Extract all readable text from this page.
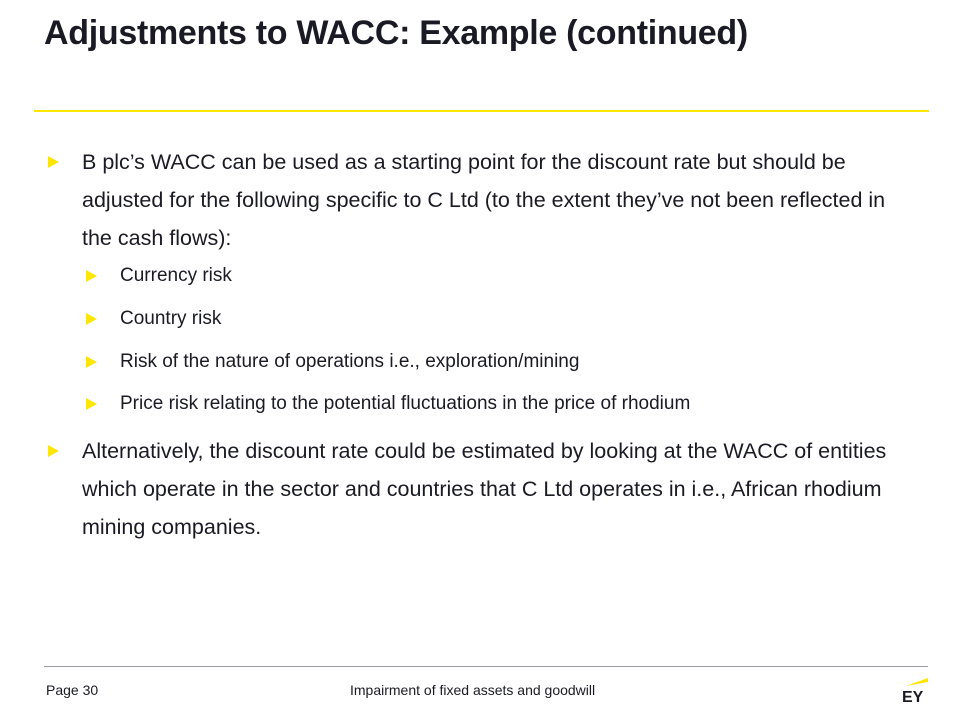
Adjustments to WACC: Example (continued)
B plc’s WACC can be used as a starting point for the discount rate but should be adjusted for the following specific to C Ltd (to the extent they’ve not been reflected in the cash flows):
Currency risk
Country risk
Risk of the nature of operations i.e., exploration/mining
Price risk relating to the potential fluctuations in the price of rhodium
Alternatively, the discount rate could be estimated by looking at the WACC of entities which operate in the sector and countries that C Ltd operates in i.e., African rhodium mining companies.
Page 30	Impairment of fixed assets and goodwill	EY
